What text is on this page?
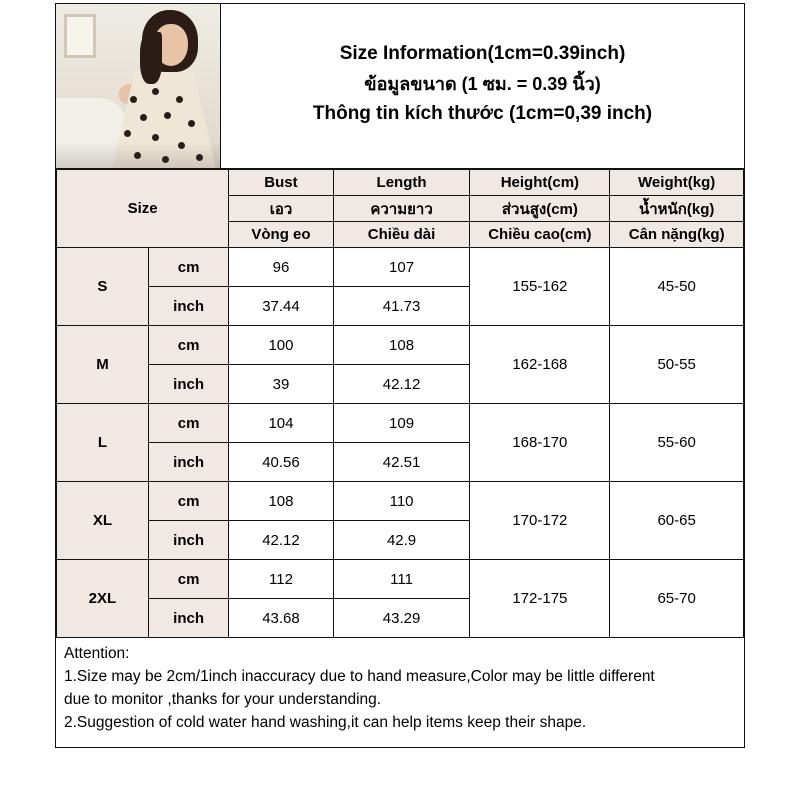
Size Information(1cm=0.39inch)
ข้อมูลขนาด (1 ซม. = 0.39 นิ้ว)
Thông tin kích thước (1cm=0,39 inch)
Size		Bust	Length	Height(cm)	Weight(kg)
		เอว	ความยาว	ส่วนสูง(cm)	น้ำหนัก(kg)
		Vòng eo	Chiều dài	Chiều cao(cm)	Cân nặng(kg)
S	cm	96	107	155-162	45-50
	inch	37.44	41.73		
M	cm	100	108	162-168	50-55
	inch	39	42.12		
L	cm	104	109	168-170	55-60
	inch	40.56	42.51		
XL	cm	108	110	170-172	60-65
	inch	42.12	42.9		
2XL	cm	112	111	172-175	65-70
	inch	43.68	43.29		

Attention:

1.Size may be 2cm/1inch inaccuracy due to hand measure,Color may be little different

due to monitor ,thanks for your understanding.

2.Suggestion of cold water hand washing,it can help items keep their shape.
